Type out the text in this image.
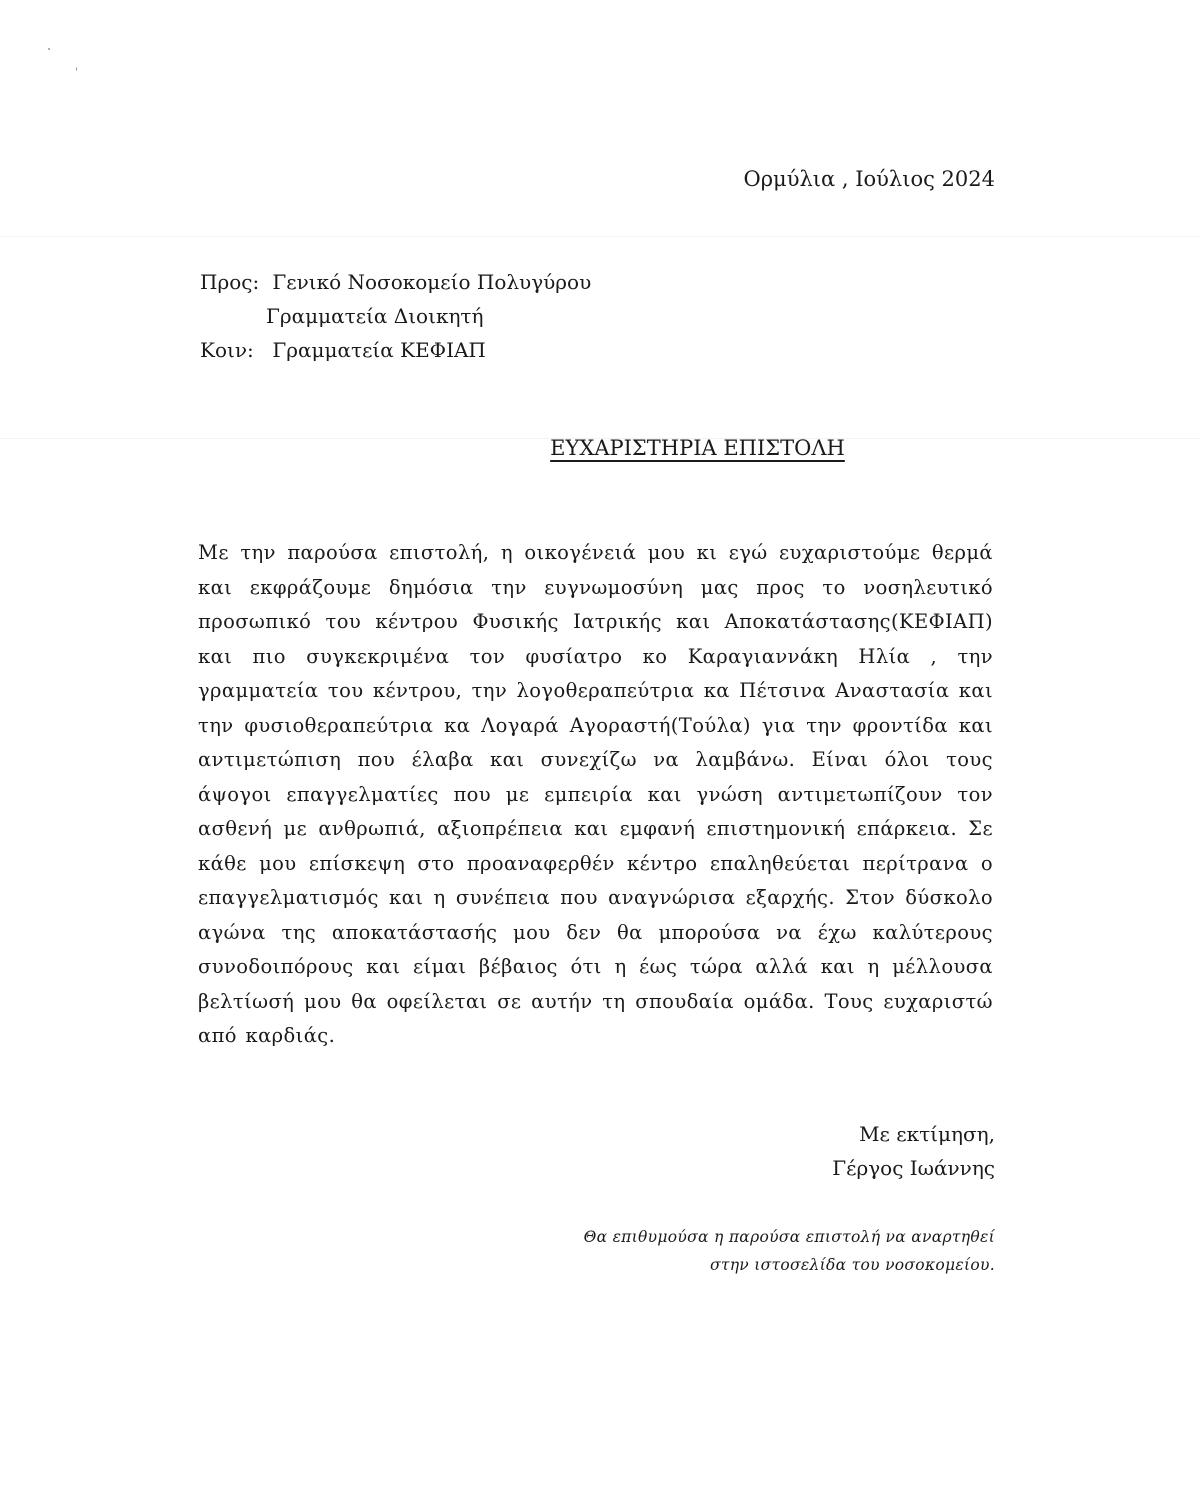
Ορμύλια , Ιούλιος 2024
Προς: Γενικό Νοσοκομείο Πολυγύρου
Γραμματεία Διοικητή
Κοιν: Γραμματεία ΚΕΦΙΑΠ
ΕΥΧΑΡΙΣΤΗΡΙΑ ΕΠΙΣΤΟΛΗ
Με την παρούσα επιστολή, η οικογένειά μου κι εγώ ευχαριστούμε θερμά και εκφράζουμε δημόσια την ευγνωμοσύνη μας προς το νοσηλευτικό προσωπικό του κέντρου Φυσικής Ιατρικής και Αποκατάστασης(ΚΕΦΙΑΠ) και πιο συγκεκριμένα τον φυσίατρο κο Καραγιαννάκη Ηλία , την γραμματεία του κέντρου, την λογοθεραπεύτρια κα Πέτσινα Αναστασία και την φυσιοθεραπεύτρια κα Λογαρά Αγοραστή(Τούλα) για την φροντίδα και αντιμετώπιση που έλαβα και συνεχίζω να λαμβάνω. Είναι όλοι τους άψογοι επαγγελματίες που με εμπειρία και γνώση αντιμετωπίζουν τον ασθενή με ανθρωπιά, αξιοπρέπεια και εμφανή επιστημονική επάρκεια. Σε κάθε μου επίσκεψη στο προαναφερθέν κέντρο επαληθεύεται περίτρανα ο επαγγελματισμός και η συνέπεια που αναγνώρισα εξαρχής. Στον δύσκολο αγώνα της αποκατάστασής μου δεν θα μπορούσα να έχω καλύτερους συνοδοιπόρους και είμαι βέβαιος ότι η έως τώρα αλλά και η μέλλουσα βελτίωσή μου θα οφείλεται σε αυτήν τη σπουδαία ομάδα. Τους ευχαριστώ από καρδιάς.
Με εκτίμηση,
Γέργος Ιωάννης
Θα επιθυμούσα η παρούσα επιστολή να αναρτηθεί
στην ιστοσελίδα του νοσοκομείου.
